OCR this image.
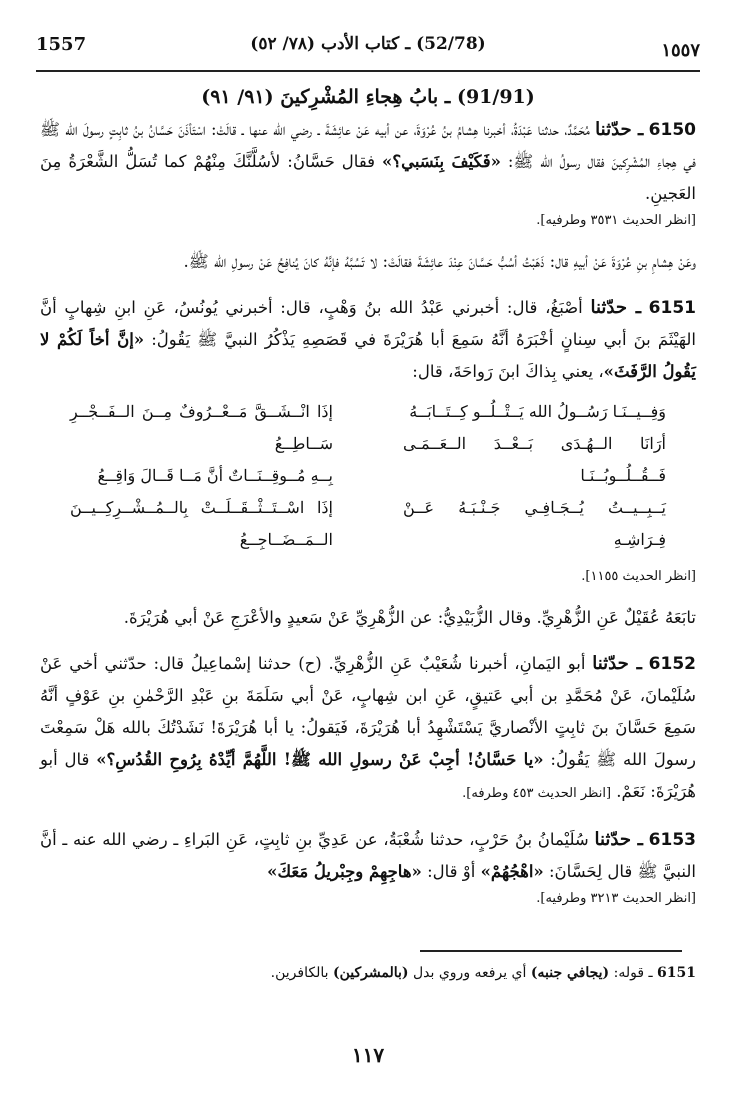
1557	(52/78) ـ كتاب الأدب (٧٨/ ٥٢)	١٥٥٧
(91/91) ـ بابُ هِجاءِ المُشْرِكينَ (٩١/ ٩١)

6150 ـ حدّثنا مُحَمَّدٌ، حدثنا عَبْدَةُ، أخبرنا هِشامُ بنُ عُرْوَةَ، عن أبيه عَنْ عائِشَةَ ـ رضي الله عنها ـ قالَتْ: اسْتَأذَنَ حَسَّانُ بنُ ثابِتٍ رسولَ الله ﷺ في هِجاءِ المُشْرِكينَ فقال رسولُ الله ﷺ: «فَكَيْفَ بِنَسَبي؟» فقال حَسَّانُ: لأسُلَّنَّكَ مِنْهُمْ كما تُسَلُّ الشَّعْرَةُ مِنَ العَجينِ.

[انظر الحديث ٣٥٣١ وطرفيه].

وعَنْ هِشامِ بنِ عُرْوَةَ عَنْ أبيهِ قال: ذَهَبْتُ أسُبُّ حَسَّانَ عِنْدَ عائِشَةَ فقالَتْ: لا تَسُبَّهُ فإنَّهُ كانَ يُنافِحُ عَنْ رسولِ الله ﷺ.

6151 ـ حدّثنا أصْبَغُ، قال: أخبرني عَبْدُ الله بنُ وَهْبٍ، قال: أخبرني يُونُسُ، عَنِ ابنِ شِهابٍ أنَّ الهَيْثَمَ بنَ أبي سِنانٍ أخْبَرَهُ أنَّهُ سَمِعَ أبا هُرَيْرَةَ في قَصَصِهِ يَذْكُرُ النبيَّ ﷺ يَقُولُ: «إنَّ أخاً لَكُمْ لا يَقُولُ الرَّفَثَ»، يعني بِذاكَ ابنَ رَواحَةَ، قال:

وَفِــيــنَـا رَسُــولُ الله يَــتْــلُــو كِــتَــابَــهُ
أرَانَا الــهُـدَى بَــعْــدَ الــعَــمَـى فَــقُــلُــوبُــنَـا
يَــبِــيــتُ يُــجَـافِـي جَـنْـبَـهُ عَــنْ فِـرَاشِـهِ
إذَا انْــشَــقَّ مَــعْــرُوفٌ مِــنَ الــفَــجْــرِ سَــاطِــعُ
بِــهِ مُــوقِــنَــاتٌ أنَّ مَــا قَــالَ وَاقِــعُ
إذَا اسْــتَــثْــقَــلَــتْ بِالــمُــشْــرِكِــيــنَ الــمَــضَــاجِــعُ
[انظر الحديث ١١٥٥].

تابَعَهُ عُقَيْلٌ عَنِ الزُّهْرِيِّ. وقال الزُّبَيْدِيُّ: عن الزُّهْرِيِّ عَنْ سَعيدٍ والأعْرَجِ عَنْ أبي هُرَيْرَةَ.

6152 ـ حدّثنا أبو اليَمانِ، أخبرنا شُعَيْبٌ عَنِ الزُّهْرِيِّ. (ح) حدثنا إسْماعِيلُ قال: حدّثني أخي عَنْ سُلَيْمانَ، عَنْ مُحَمَّدِ بن أبي عَتيقٍ، عَنِ ابن شِهابٍ، عَنْ أبي سَلَمَةَ بنِ عَبْدِ الرَّحْمٰنِ بنِ عَوْفٍ أنَّهُ سَمِعَ حَسَّانَ بنَ ثابِتٍ الأنْصاريَّ يَسْتَشْهِدُ أبا هُرَيْرَةَ، فَيَقولُ: يا أبا هُرَيْرَةَ! نَشَدْتُكَ بالله هَلْ سَمِعْتَ رسولَ الله ﷺ يَقُولُ: «يا حَسَّانُ! أجِبْ عَنْ رسولِ الله ﷺ! اللَّهُمَّ أيِّدْهُ بِرُوحِ القُدُسِ؟» قال أبو هُرَيْرَةَ: نَعَمْ. [انظر الحديث ٤٥٣ وطرفه].

6153 ـ حدّثنا سُلَيْمانُ بنُ حَرْبٍ، حدثنا شُعْبَةُ، عن عَدِيِّ بنِ ثابِتٍ، عَنِ البَراءِ ـ رضي الله عنه ـ أنَّ النبيَّ ﷺ قال لِحَسَّانَ: «اهْجُهُمْ» أوْ قال: «هاجِهِمْ وجِبْريلُ مَعَكَ»

[انظر الحديث ٣٢١٣ وطرفيه].
6151 ـ قوله: (يجافي جنبه) أي يرفعه وروي بدل (بالمشركين) بالكافرين.
١١٧
